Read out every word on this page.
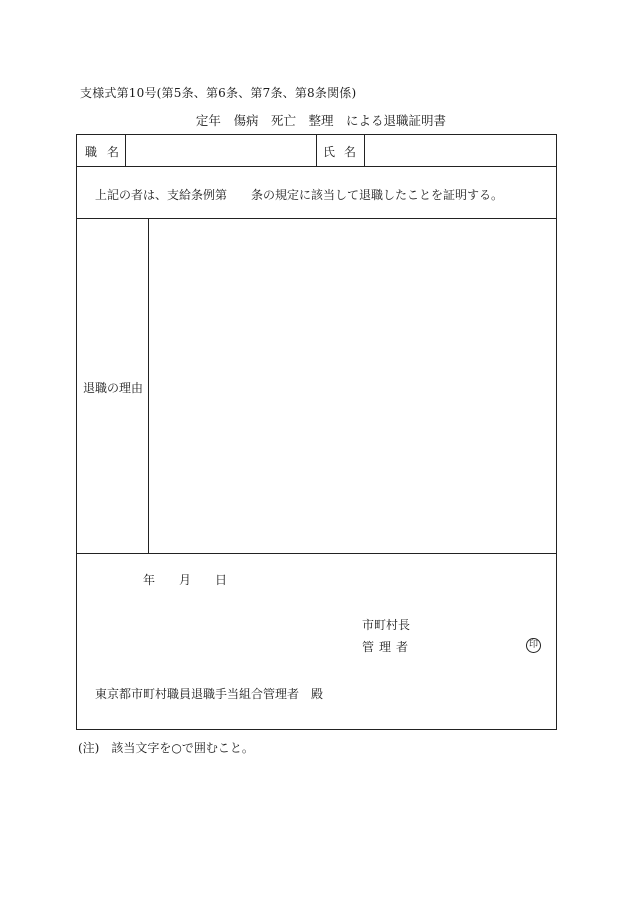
支様式第10号(第5条、第6条、第7条、第8条関係)
定年　 傷病　 死亡　 整理　 による退職証明書
職名	氏名
上記の者は、支給条例第 条の規定に該当して退職したことを証明する。
退職の理由
年 月 日
市町村長
管理者	印
東京都市町村職員退職手当組合管理者　殿
(注)　該当文字を○で囲むこと。
